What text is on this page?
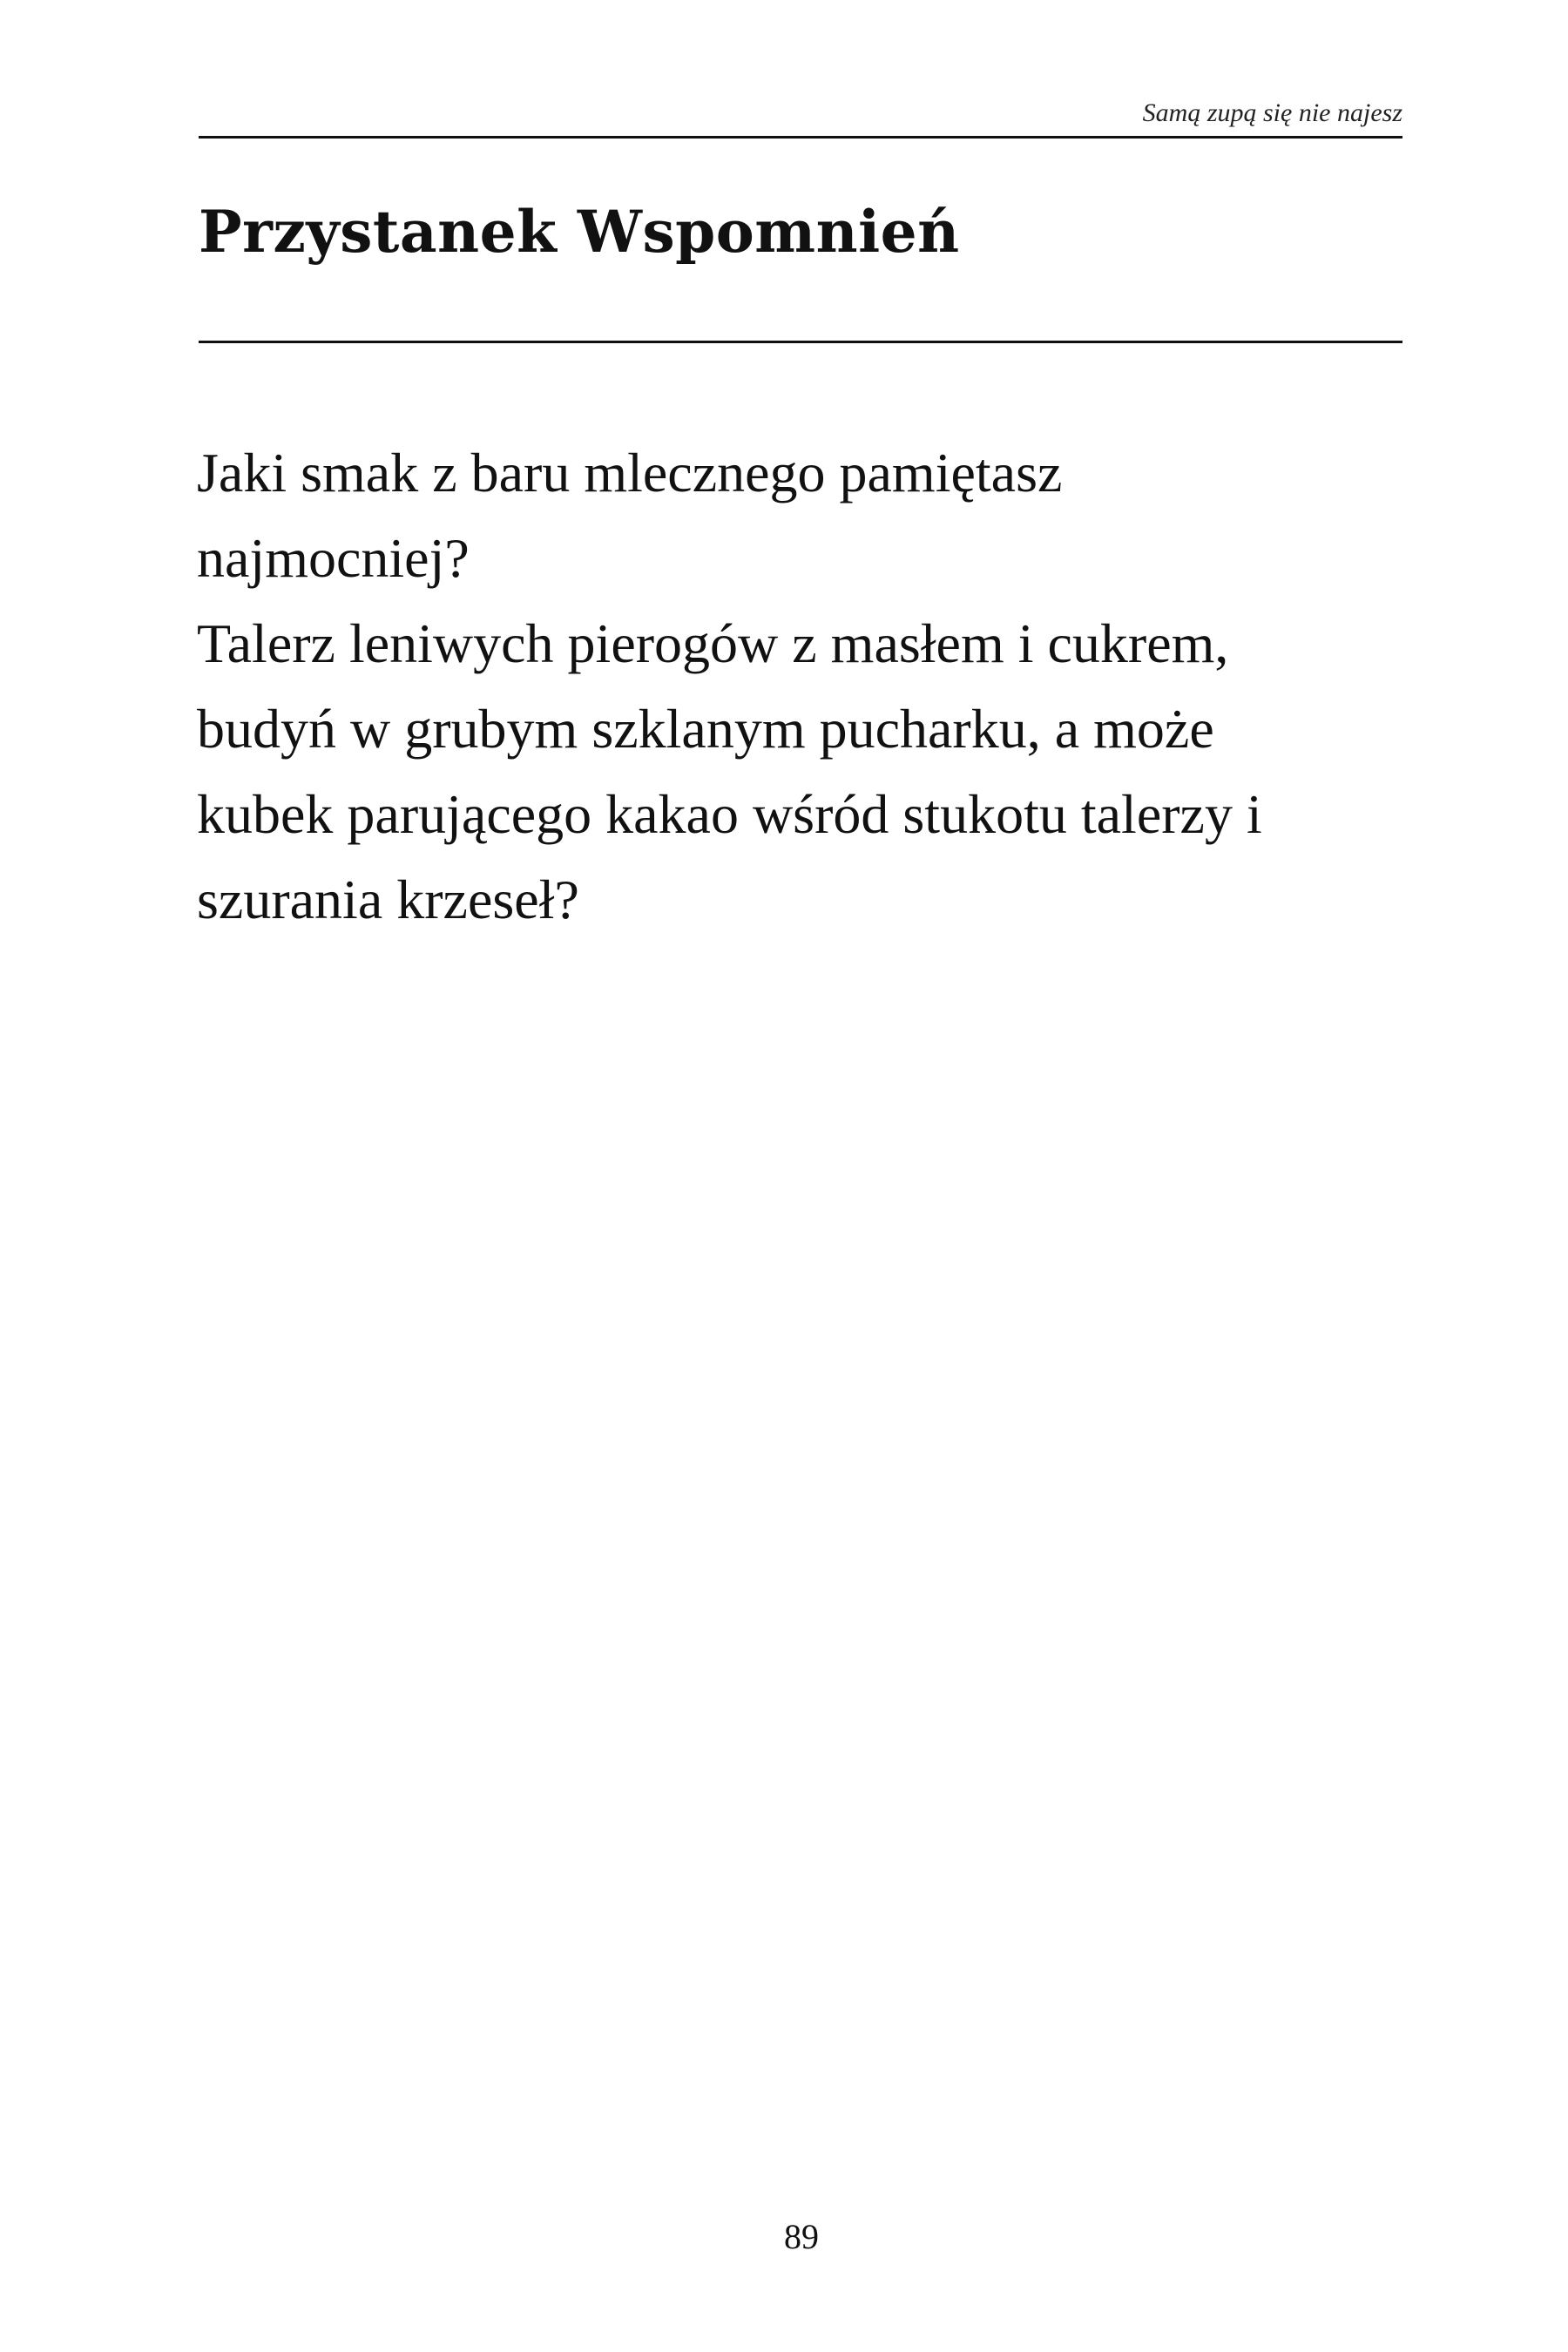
Samą zupą się nie najesz
Przystanek Wspomnień

Jaki smak z baru mlecznego pamiętasz
najmocniej?
Talerz leniwych pierogów z masłem i cukrem,
budyń w grubym szklanym pucharku, a może
kubek parującego kakao wśród stukotu talerzy i
szurania krzeseł?

89
